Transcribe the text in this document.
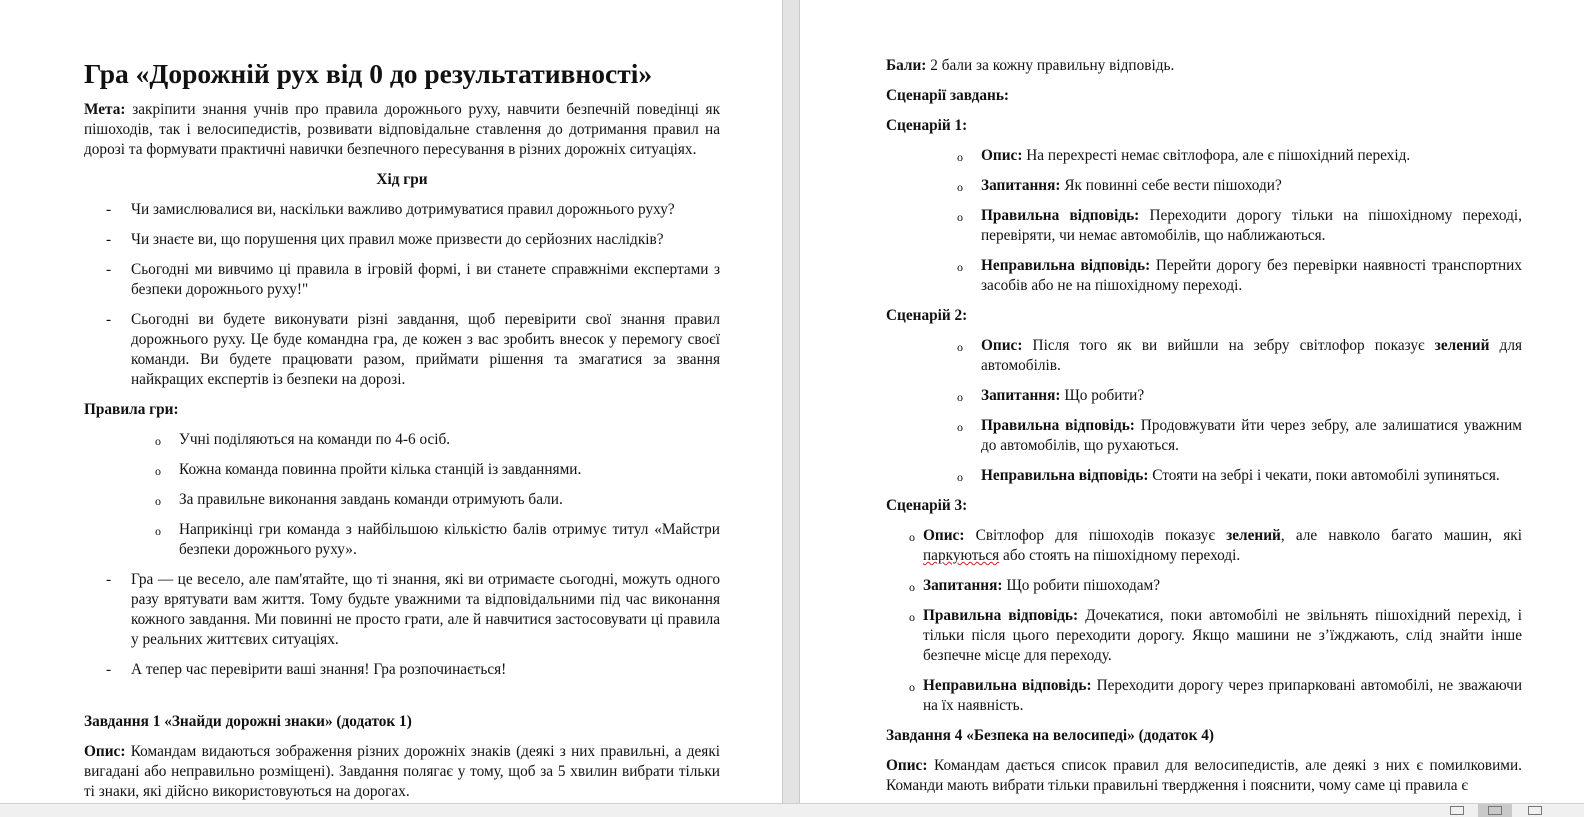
Гра «Дорожній рух від 0 до результативності»

Мета: закріпити знання учнів про правила дорожнього руху, навчити безпечній поведінці як пішоходів, так і велосипедистів, розвивати відповідальне ставлення до дотримання правил на дорозі та формувати практичні навички безпечного пересування в різних дорожніх ситуаціях.

Хід гри
- Чи замислювалися ви, наскільки важливо дотримуватися правил дорожнього руху?
- Чи знаєте ви, що порушення цих правил може призвести до серйозних наслідків?
- Сьогодні ми вивчимо ці правила в ігровій формі, і ви станете справжніми експертами з безпеки дорожнього руху!"
- Сьогодні ви будете виконувати різні завдання, щоб перевірити свої знання правил дорожнього руху. Це буде командна гра, де кожен з вас зробить внесок у перемогу своєї команди. Ви будете працювати разом, приймати рішення та змагатися за звання найкращих експертів із безпеки на дорозі.
Правила гри:
o Учні поділяються на команди по 4-6 осіб.
o Кожна команда повинна пройти кілька станцій із завданнями.
o За правильне виконання завдань команди отримують бали.
o Наприкінці гри команда з найбільшою кількістю балів отримує титул «Майстри безпеки дорожнього руху».
- Гра — це весело, але пам'ятайте, що ті знання, які ви отримаєте сьогодні, можуть одного разу врятувати вам життя. Тому будьте уважними та відповідальними під час виконання кожного завдання. Ми повинні не просто грати, але й навчитися застосовувати ці правила у реальних життєвих ситуаціях.
- А тепер час перевірити ваші знання! Гра розпочинається!
Завдання 1 «Знайди дорожні знаки» (додаток 1)

Опис: Командам видаються зображення різних дорожніх знаків (деякі з них правильні, а деякі вигадані або неправильно розміщені). Завдання полягає у тому, щоб за 5 хвилин вибрати тільки ті знаки, які дійсно використовуються на дорогах.

Бали: 2 бали за кожну правильну відповідь.

Сценарії завдань:
Сценарій 1:
o Опис: На перехресті немає світлофора, але є пішохідний перехід.
o Запитання: Як повинні себе вести пішоходи?
o Правильна відповідь: Переходити дорогу тільки на пішохідному переході, перевіряти, чи немає автомобілів, що наближаються.
o Неправильна відповідь: Перейти дорогу без перевірки наявності транспортних засобів або не на пішохідному переході.
Сценарій 2:
o Опис: Після того як ви вийшли на зебру світлофор показує зелений для автомобілів.
o Запитання: Що робити?
o Правильна відповідь: Продовжувати йти через зебру, але залишатися уважним до автомобілів, що рухаються.
o Неправильна відповідь: Стояти на зебрі і чекати, поки автомобілі зупиняться.
Сценарій 3:
o Опис: Світлофор для пішоходів показує зелений, але навколо багато машин, які паркуються або стоять на пішохідному переході.
o Запитання: Що робити пішоходам?
o Правильна відповідь: Дочекатися, поки автомобілі не звільнять пішохідний перехід, і тільки після цього переходити дорогу. Якщо машини не з’їжджають, слід знайти інше безпечне місце для переходу.
o Неправильна відповідь: Переходити дорогу через припарковані автомобілі, не зважаючи на їх наявність.
Завдання 4 «Безпека на велосипеді» (додаток 4)

Опис: Командам дається список правил для велосипедистів, але деякі з них є помилковими. Команди мають вибрати тільки правильні твердження і пояснити, чому саме ці правила є
